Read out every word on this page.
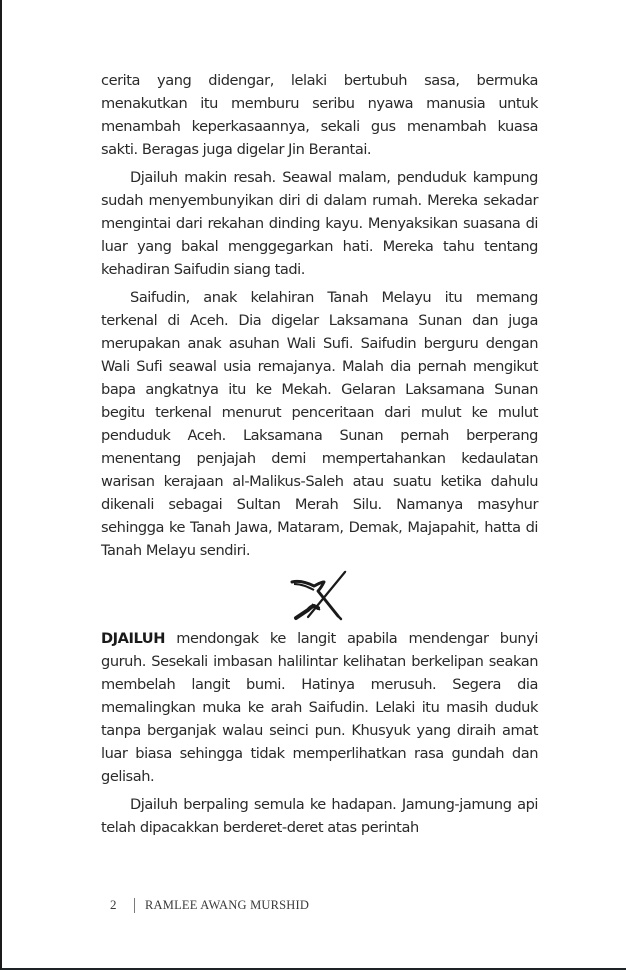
cerita yang didengar, lelaki bertubuh sasa, bermuka menakutkan itu memburu seribu nyawa manusia untuk menambah keperkasaannya, sekali gus menambah kuasa sakti. Beragas juga digelar Jin Berantai.

Djailuh makin resah. Seawal malam, penduduk kampung sudah menyembunyikan diri di dalam rumah. Mereka sekadar mengintai dari rekahan dinding kayu. Menyaksikan suasana di luar yang bakal menggegarkan hati. Mereka tahu tentang kehadiran Saifudin siang tadi.

Saifudin, anak kelahiran Tanah Melayu itu memang terkenal di Aceh. Dia digelar Laksamana Sunan dan juga merupakan anak asuhan Wali Sufi. Saifudin berguru dengan Wali Sufi seawal usia remajanya. Malah dia pernah mengikut bapa angkatnya itu ke Mekah. Gelaran Laksamana Sunan begitu terkenal menurut penceritaan dari mulut ke mulut penduduk Aceh. Laksamana Sunan pernah berperang menentang penjajah demi mempertahankan kedaulatan warisan kerajaan al-Malikus-Saleh atau suatu ketika dahulu dikenali sebagai Sultan Merah Silu. Namanya masyhur sehingga ke Tanah Jawa, Mataram, Demak, Majapahit, hatta di Tanah Melayu sendiri.

DJAILUH mendongak ke langit apabila mendengar bunyi guruh. Sesekali imbasan halilintar kelihatan berkelipan seakan membelah langit bumi. Hatinya merusuh. Segera dia memalingkan muka ke arah Saifudin. Lelaki itu masih duduk tanpa berganjak walau seinci pun. Khusyuk yang diraih amat luar biasa sehingga tidak memperlihatkan rasa gundah dan gelisah.

Djailuh berpaling semula ke hadapan. Jamung-jamung api telah dipacakkan berderet-deret atas perintah

2	RAMLEE AWANG MURSHID
